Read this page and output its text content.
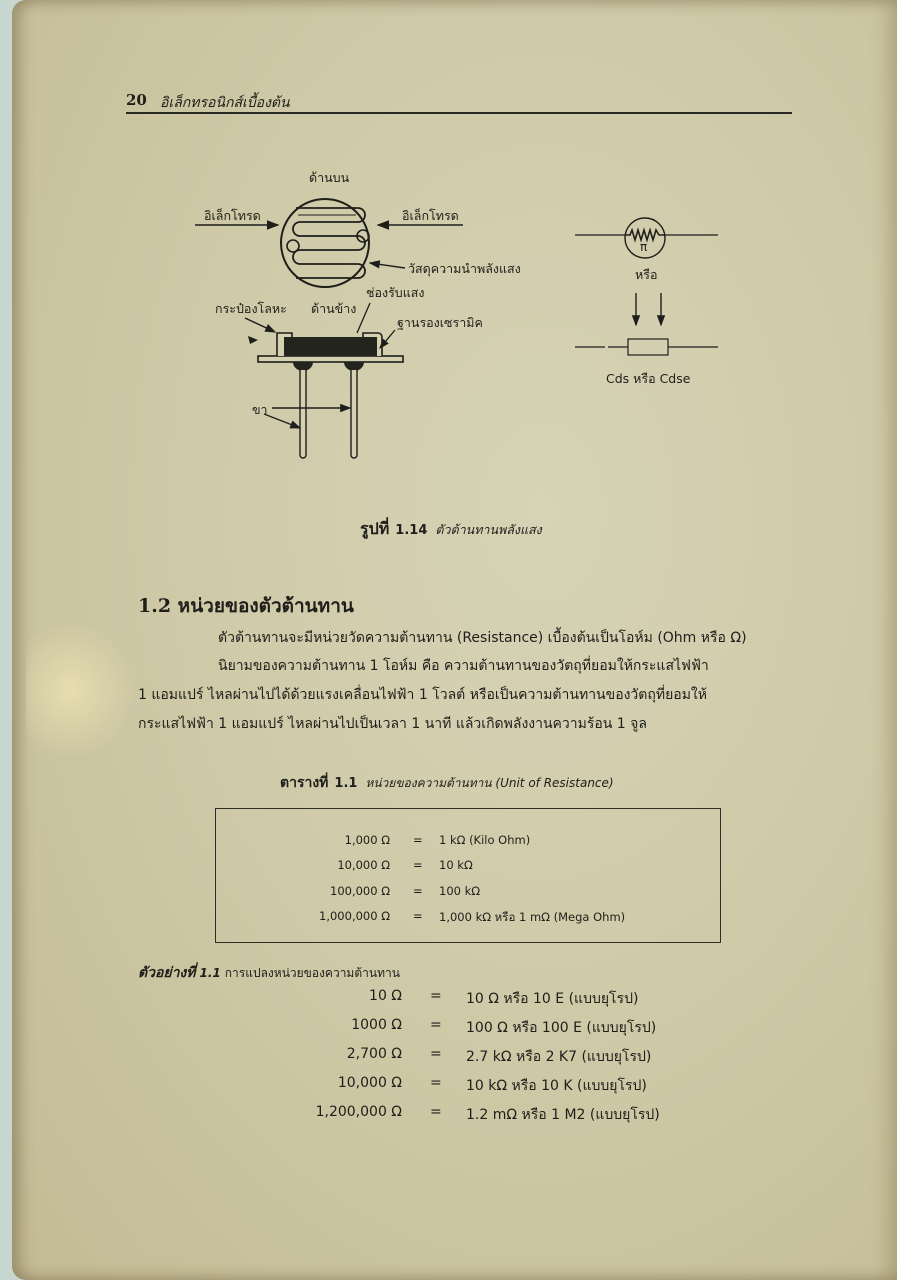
20 อิเล็กทรอนิกส์เบื้องต้น
ด้านบน
อิเล็กโทรด	อิเล็กโทรด
วัสดุความนำพลังแสง
ช่องรับแสง
กระป๋องโลหะ ด้านข้าง
ฐานรองเซรามิค
ขา
π
หรือ
Cds หรือ Cdse
รูปที่ 1.14 ตัวต้านทานพลังแสง
1.2 หน่วยของตัวต้านทาน
ตัวต้านทานจะมีหน่วยวัดความต้านทาน (Resistance) เบื้องต้นเป็นโอห์ม (Ohm หรือ Ω)
นิยามของความต้านทาน 1 โอห์ม คือ ความต้านทานของวัตถุที่ยอมให้กระแสไฟฟ้า
1 แอมแปร์ ไหลผ่านไปได้ด้วยแรงเคลื่อนไฟฟ้า 1 โวลต์ หรือเป็นความต้านทานของวัตถุที่ยอมให้
กระแสไฟฟ้า 1 แอมแปร์ ไหลผ่านไปเป็นเวลา 1 นาที แล้วเกิดพลังงานความร้อน 1 จูล
ตารางที่ 1.1 หน่วยของความต้านทาน (Unit of Resistance)
1,000 Ω = 1 kΩ (Kilo Ohm)
10,000 Ω = 10 kΩ
100,000 Ω = 100 kΩ
1,000,000 Ω = 1,000 kΩ หรือ 1 mΩ (Mega Ohm)
ตัวอย่างที่ 1.1 การแปลงหน่วยของความต้านทาน
10 Ω = 10 Ω หรือ 10 E (แบบยุโรป)
1000 Ω = 100 Ω หรือ 100 E (แบบยุโรป)
2,700 Ω = 2.7 kΩ หรือ 2 K7 (แบบยุโรป)
10,000 Ω = 10 kΩ หรือ 10 K (แบบยุโรป)
1,200,000 Ω = 1.2 mΩ หรือ 1 M2 (แบบยุโรป)
